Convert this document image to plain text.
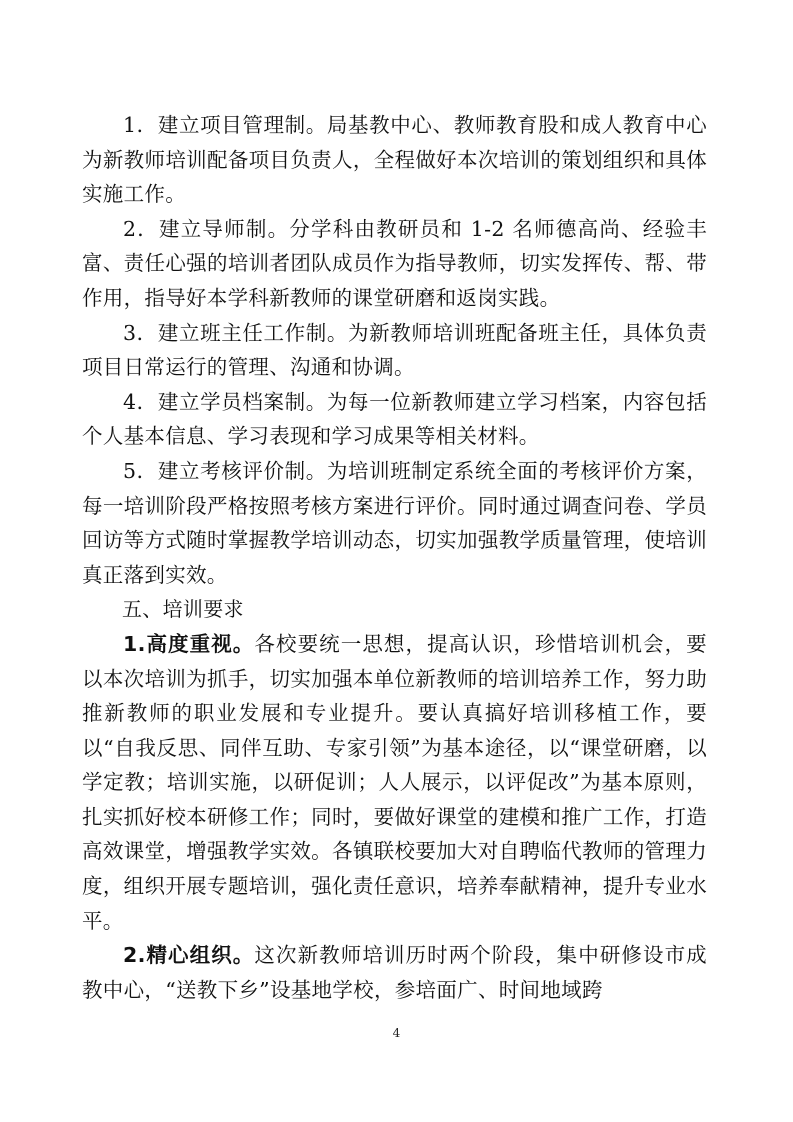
1．建立项目管理制。局基教中心、教师教育股和成人教育中心为新教师培训配备项目负责人，全程做好本次培训的策划组织和具体实施工作。

2．建立导师制。分学科由教研员和 1-2 名师德高尚、经验丰富、责任心强的培训者团队成员作为指导教师，切实发挥传、帮、带作用，指导好本学科新教师的课堂研磨和返岗实践。

3．建立班主任工作制。为新教师培训班配备班主任，具体负责项目日常运行的管理、沟通和协调。

4．建立学员档案制。为每一位新教师建立学习档案，内容包括个人基本信息、学习表现和学习成果等相关材料。

5．建立考核评价制。为培训班制定系统全面的考核评价方案，每一培训阶段严格按照考核方案进行评价。同时通过调查问卷、学员回访等方式随时掌握教学培训动态，切实加强教学质量管理，使培训真正落到实效。

五、培训要求

1.高度重视。各校要统一思想，提高认识，珍惜培训机会，要以本次培训为抓手，切实加强本单位新教师的培训培养工作，努力助推新教师的职业发展和专业提升。要认真搞好培训移植工作，要以“自我反思、同伴互助、专家引领”为基本途径，以“课堂研磨，以学定教；培训实施，以研促训；人人展示，以评促改”为基本原则，扎实抓好校本研修工作；同时，要做好课堂的建模和推广工作，打造高效课堂，增强教学实效。各镇联校要加大对自聘临代教师的管理力度，组织开展专题培训，强化责任意识，培养奉献精神，提升专业水平。

2.精心组织。这次新教师培训历时两个阶段，集中研修设市成教中心，“送教下乡”设基地学校，参培面广、时间地域跨

4
